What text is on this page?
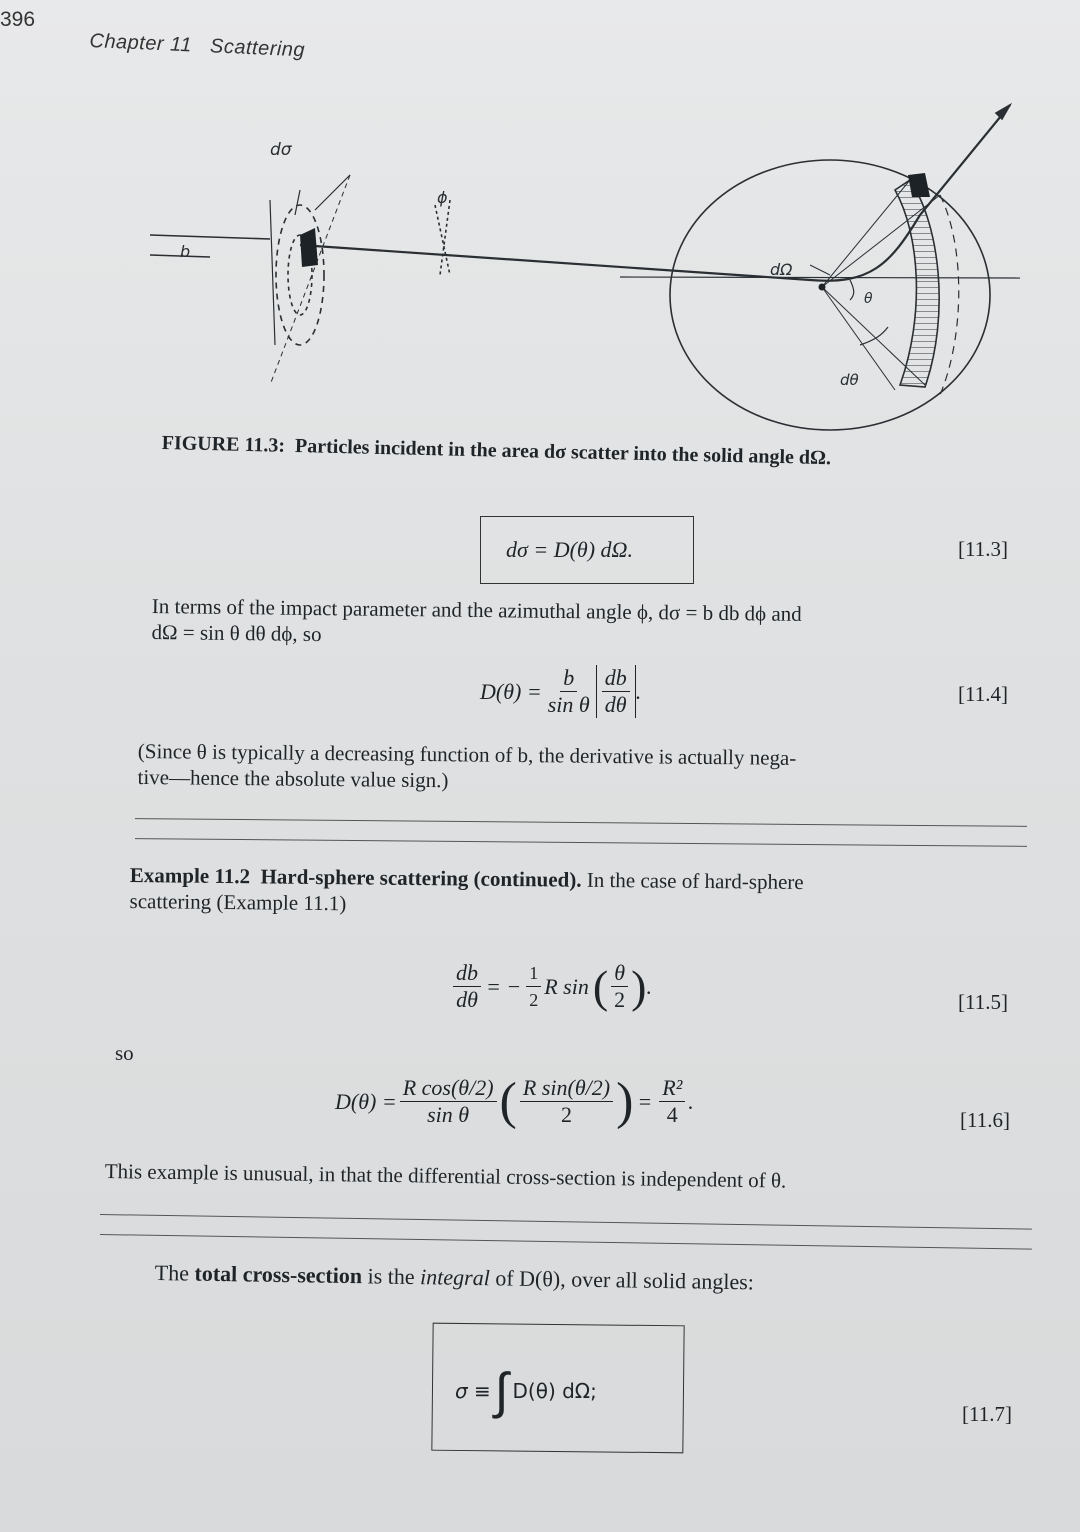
396
Chapter 11 Scattering
dσ
ϕ
b
dΩ
θ
dθ
FIGURE 11.3: Particles incident in the area dσ scatter into the solid angle dΩ.
dσ = D(θ) dΩ.	[11.3]
In terms of the impact parameter and the azimuthal angle ϕ, dσ = b db dϕ and
dΩ = sin θ dθ dϕ, so
$D(\theta) = \frac{b}{\text{sin θ}} \frac{db}{d\theta}$ .	[11.4]
(Since θ is typically a decreasing function of b, the derivative is actually nega-
tive—hence the absolute value sign.)
Example 11.2 Hard-sphere scattering (continued). In the case of hard-sphere
scattering (Example 11.1)
$\frac{db}{d\theta}$ = − $\frac{1}{2}$ R sin ( $\frac{\theta}{2}$ ) .
[11.5]
so
$D(\theta) = \frac{\text{R cos(θ/2)}}{\text{sin θ}}$ ( $\frac{\text{R sin(θ/2)}}{2}$ ) = $\frac{\text{R²}}{4}$ .
[11.6]
This example is unusual, in that the differential cross-section is independent of θ.
The total cross-section is the integral of D(θ), over all solid angles:
σ ≡ ∫ D(θ) dΩ;
[11.7]
